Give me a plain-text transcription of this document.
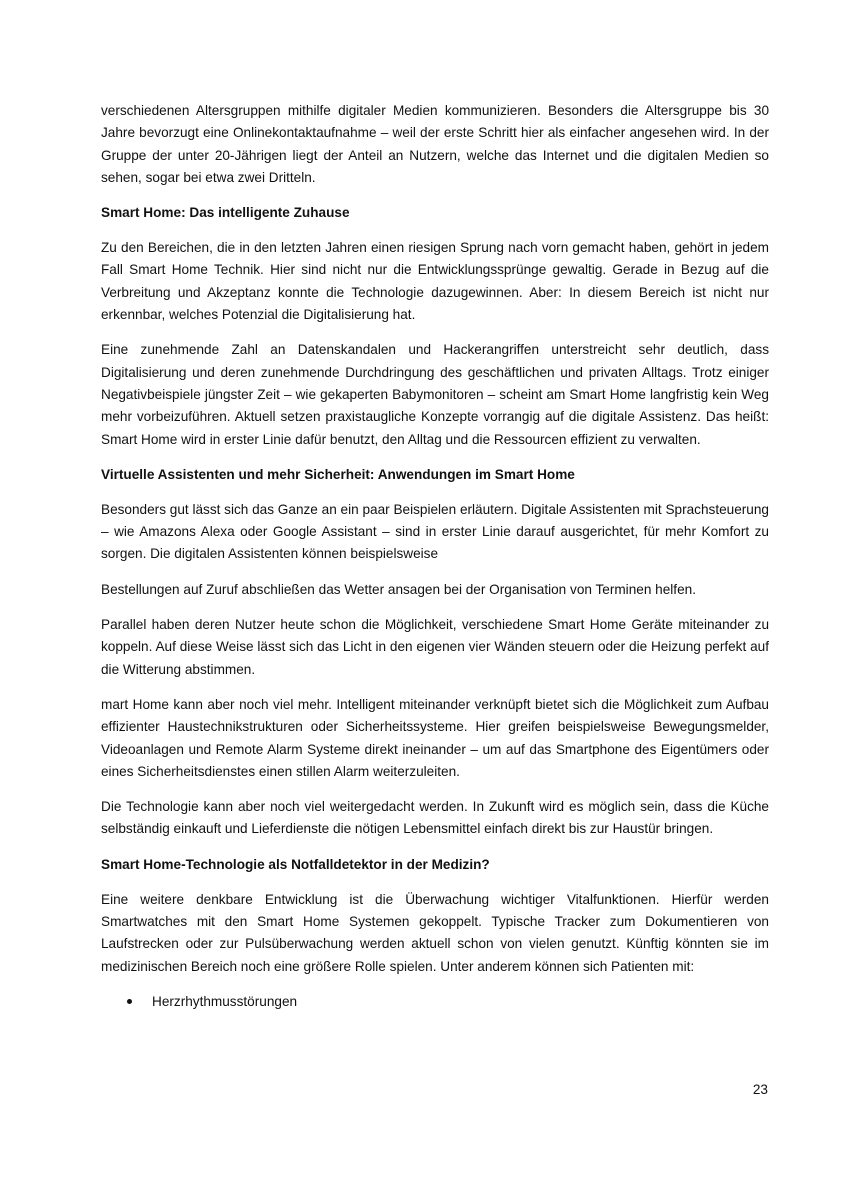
verschiedenen Altersgruppen mithilfe digitaler Medien kommunizieren. Besonders die Altersgruppe bis 30 Jahre bevorzugt eine Onlinekontaktaufnahme – weil der erste Schritt hier als einfacher angesehen wird. In der Gruppe der unter 20-Jährigen liegt der Anteil an Nutzern, welche das Internet und die digitalen Medien so sehen, sogar bei etwa zwei Dritteln.

Smart Home: Das intelligente Zuhause

Zu den Bereichen, die in den letzten Jahren einen riesigen Sprung nach vorn gemacht haben, gehört in jedem Fall Smart Home Technik. Hier sind nicht nur die Entwicklungssprünge gewaltig. Gerade in Bezug auf die Verbreitung und Akzeptanz konnte die Technologie dazugewinnen. Aber: In diesem Bereich ist nicht nur erkennbar, welches Potenzial die Digitalisierung hat.

Eine zunehmende Zahl an Datenskandalen und Hackerangriffen unterstreicht sehr deutlich, dass Digitalisierung und deren zunehmende Durchdringung des geschäftlichen und privaten Alltags. Trotz einiger Negativbeispiele jüngster Zeit – wie gekaperten Babymonitoren – scheint am Smart Home langfristig kein Weg mehr vorbeizuführen. Aktuell setzen praxistaugliche Konzepte vorrangig auf die digitale Assistenz. Das heißt: Smart Home wird in erster Linie dafür benutzt, den Alltag und die Ressourcen effizient zu verwalten.

Virtuelle Assistenten und mehr Sicherheit: Anwendungen im Smart Home

Besonders gut lässt sich das Ganze an ein paar Beispielen erläutern. Digitale Assistenten mit Sprachsteuerung – wie Amazons Alexa oder Google Assistant – sind in erster Linie darauf ausgerichtet, für mehr Komfort zu sorgen. Die digitalen Assistenten können beispielsweise

Bestellungen auf Zuruf abschließen das Wetter ansagen bei der Organisation von Terminen helfen.

Parallel haben deren Nutzer heute schon die Möglichkeit, verschiedene Smart Home Geräte miteinander zu koppeln. Auf diese Weise lässt sich das Licht in den eigenen vier Wänden steuern oder die Heizung perfekt auf die Witterung abstimmen.

mart Home kann aber noch viel mehr. Intelligent miteinander verknüpft bietet sich die Möglichkeit zum Aufbau effizienter Haustechnikstrukturen oder Sicherheitssysteme. Hier greifen beispielsweise Bewegungsmelder, Videoanlagen und Remote Alarm Systeme direkt ineinander – um auf das Smartphone des Eigentümers oder eines Sicherheitsdienstes einen stillen Alarm weiterzuleiten.

Die Technologie kann aber noch viel weitergedacht werden. In Zukunft wird es möglich sein, dass die Küche selbständig einkauft und Lieferdienste die nötigen Lebensmittel einfach direkt bis zur Haustür bringen.

Smart Home-Technologie als Notfalldetektor in der Medizin?

Eine weitere denkbare Entwicklung ist die Überwachung wichtiger Vitalfunktionen. Hierfür werden Smartwatches mit den Smart Home Systemen gekoppelt. Typische Tracker zum Dokumentieren von Laufstrecken oder zur Pulsüberwachung werden aktuell schon von vielen genutzt. Künftig könnten sie im medizinischen Bereich noch eine größere Rolle spielen. Unter anderem können sich Patienten mit:

Herzrhythmusstörungen
23
